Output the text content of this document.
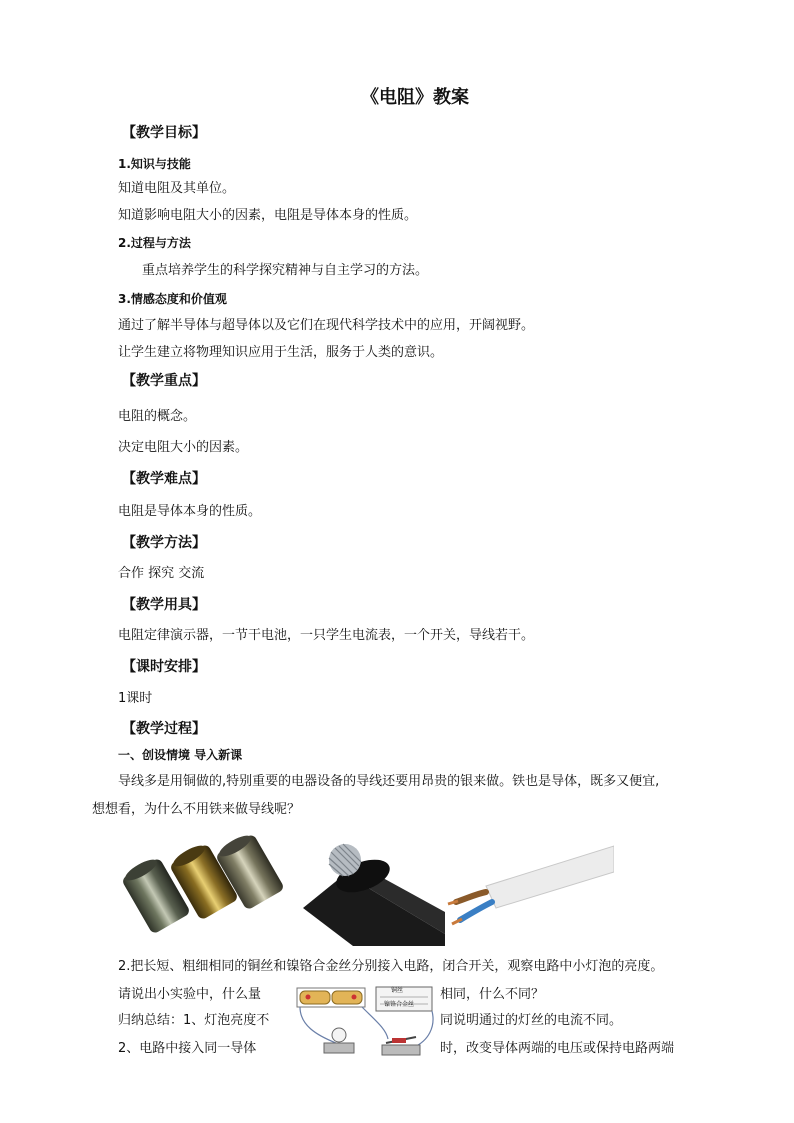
《电阻》教案
【教学目标】
1.知识与技能
知道电阻及其单位。
知道影响电阻大小的因素，电阻是导体本身的性质。
2.过程与方法
重点培养学生的科学探究精神与自主学习的方法。
3.情感态度和价值观
通过了解半导体与超导体以及它们在现代科学技术中的应用，开阔视野。
让学生建立将物理知识应用于生活，服务于人类的意识。
【教学重点】
电阻的概念。
决定电阻大小的因素。
【教学难点】
电阻是导体本身的性质。
【教学方法】
合作 探究 交流
【教学用具】
电阻定律演示器，一节干电池，一只学生电流表，一个开关，导线若干。
【课时安排】
1课时
【教学过程】
一、创设情境 导入新课
导线多是用铜做的,特别重要的电器设备的导线还要用昂贵的银来做。铁也是导体，既多又便宜,
想想看，为什么不用铁来做导线呢？
2.把长短、粗细相同的铜丝和镍铬合金丝分别接入电路，闭合开关，观察电路中小灯泡的亮度。
请说出小实验中，什么量	相同，什么不同？
归纳总结：1、灯泡亮度不	同说明通过的灯丝的电流不同。
2、电路中接入同一导体	时，改变导体两端的电压或保持电路两端
铜丝
镍铬合金丝
